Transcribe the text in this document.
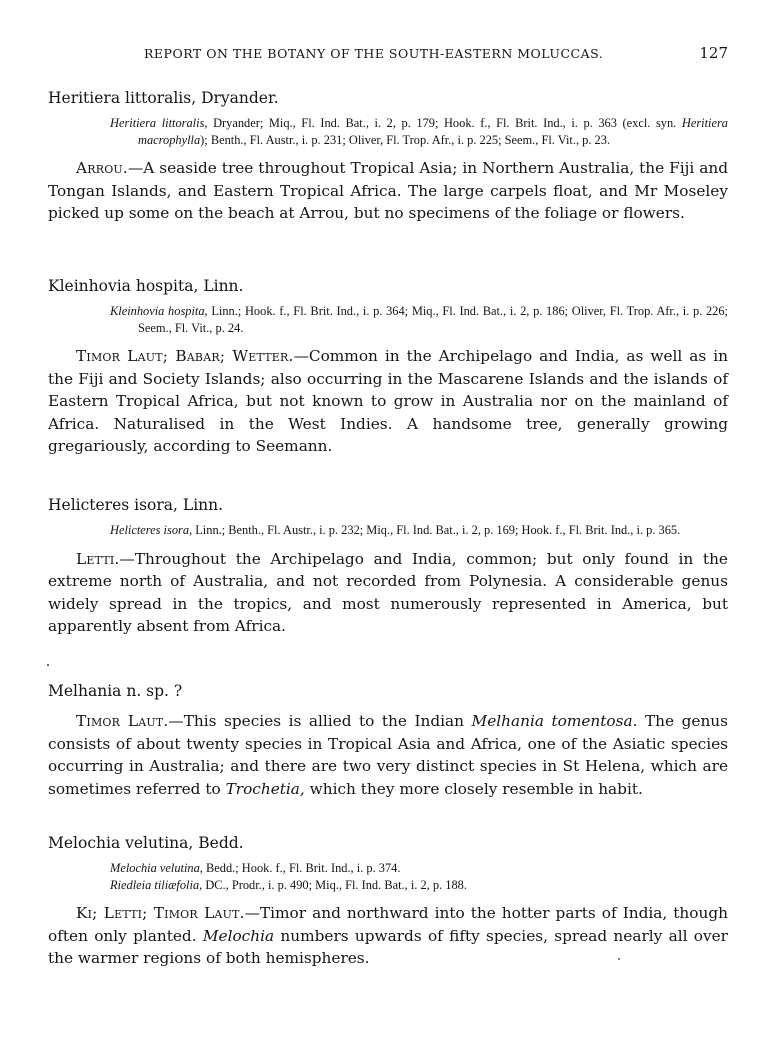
REPORT ON THE BOTANY OF THE SOUTH-EASTERN MOLUCCAS.	127

Heritiera littoralis, Dryander.

Heritiera littoralis, Dryander; Miq., Fl. Ind. Bat., i. 2, p. 179; Hook. f., Fl. Brit. Ind., i. p. 363 (excl. syn. Heritiera macrophylla); Benth., Fl. Austr., i. p. 231; Oliver, Fl. Trop. Afr., i. p. 225; Seem., Fl. Vit., p. 23.

Arrou.—A seaside tree throughout Tropical Asia; in Northern Australia, the Fiji and Tongan Islands, and Eastern Tropical Africa. The large carpels float, and Mr Moseley picked up some on the beach at Arrou, but no specimens of the foliage or flowers.

Kleinhovia hospita, Linn.

Kleinhovia hospita, Linn.; Hook. f., Fl. Brit. Ind., i. p. 364; Miq., Fl. Ind. Bat., i. 2, p. 186; Oliver, Fl. Trop. Afr., i. p. 226; Seem., Fl. Vit., p. 24.

Timor Laut; Babar; Wetter.—Common in the Archipelago and India, as well as in the Fiji and Society Islands; also occurring in the Mascarene Islands and the islands of Eastern Tropical Africa, but not known to grow in Australia nor on the mainland of Africa. Naturalised in the West Indies. A handsome tree, generally growing gregariously, according to Seemann.

Helicteres isora, Linn.

Helicteres isora, Linn.; Benth., Fl. Austr., i. p. 232; Miq., Fl. Ind. Bat., i. 2, p. 169; Hook. f., Fl. Brit. Ind., i. p. 365.

Letti.—Throughout the Archipelago and India, common; but only found in the extreme north of Australia, and not recorded from Polynesia. A considerable genus widely spread in the tropics, and most numerously represented in America, but apparently absent from Africa.

Melhania n. sp. ?

Timor Laut.—This species is allied to the Indian Melhania tomentosa. The genus consists of about twenty species in Tropical Asia and Africa, one of the Asiatic species occurring in Australia; and there are two very distinct species in St Helena, which are sometimes referred to Trochetia, which they more closely resemble in habit.

Melochia velutina, Bedd.

Melochia velutina, Bedd.; Hook. f., Fl. Brit. Ind., i. p. 374.
Riedleia tiliæfolia, DC., Prodr., i. p. 490; Miq., Fl. Ind. Bat., i. 2, p. 188.

Ki; Letti; Timor Laut.—Timor and northward into the hotter parts of India, though often only planted. Melochia numbers upwards of fifty species, spread nearly all over the warmer regions of both hemispheres.
